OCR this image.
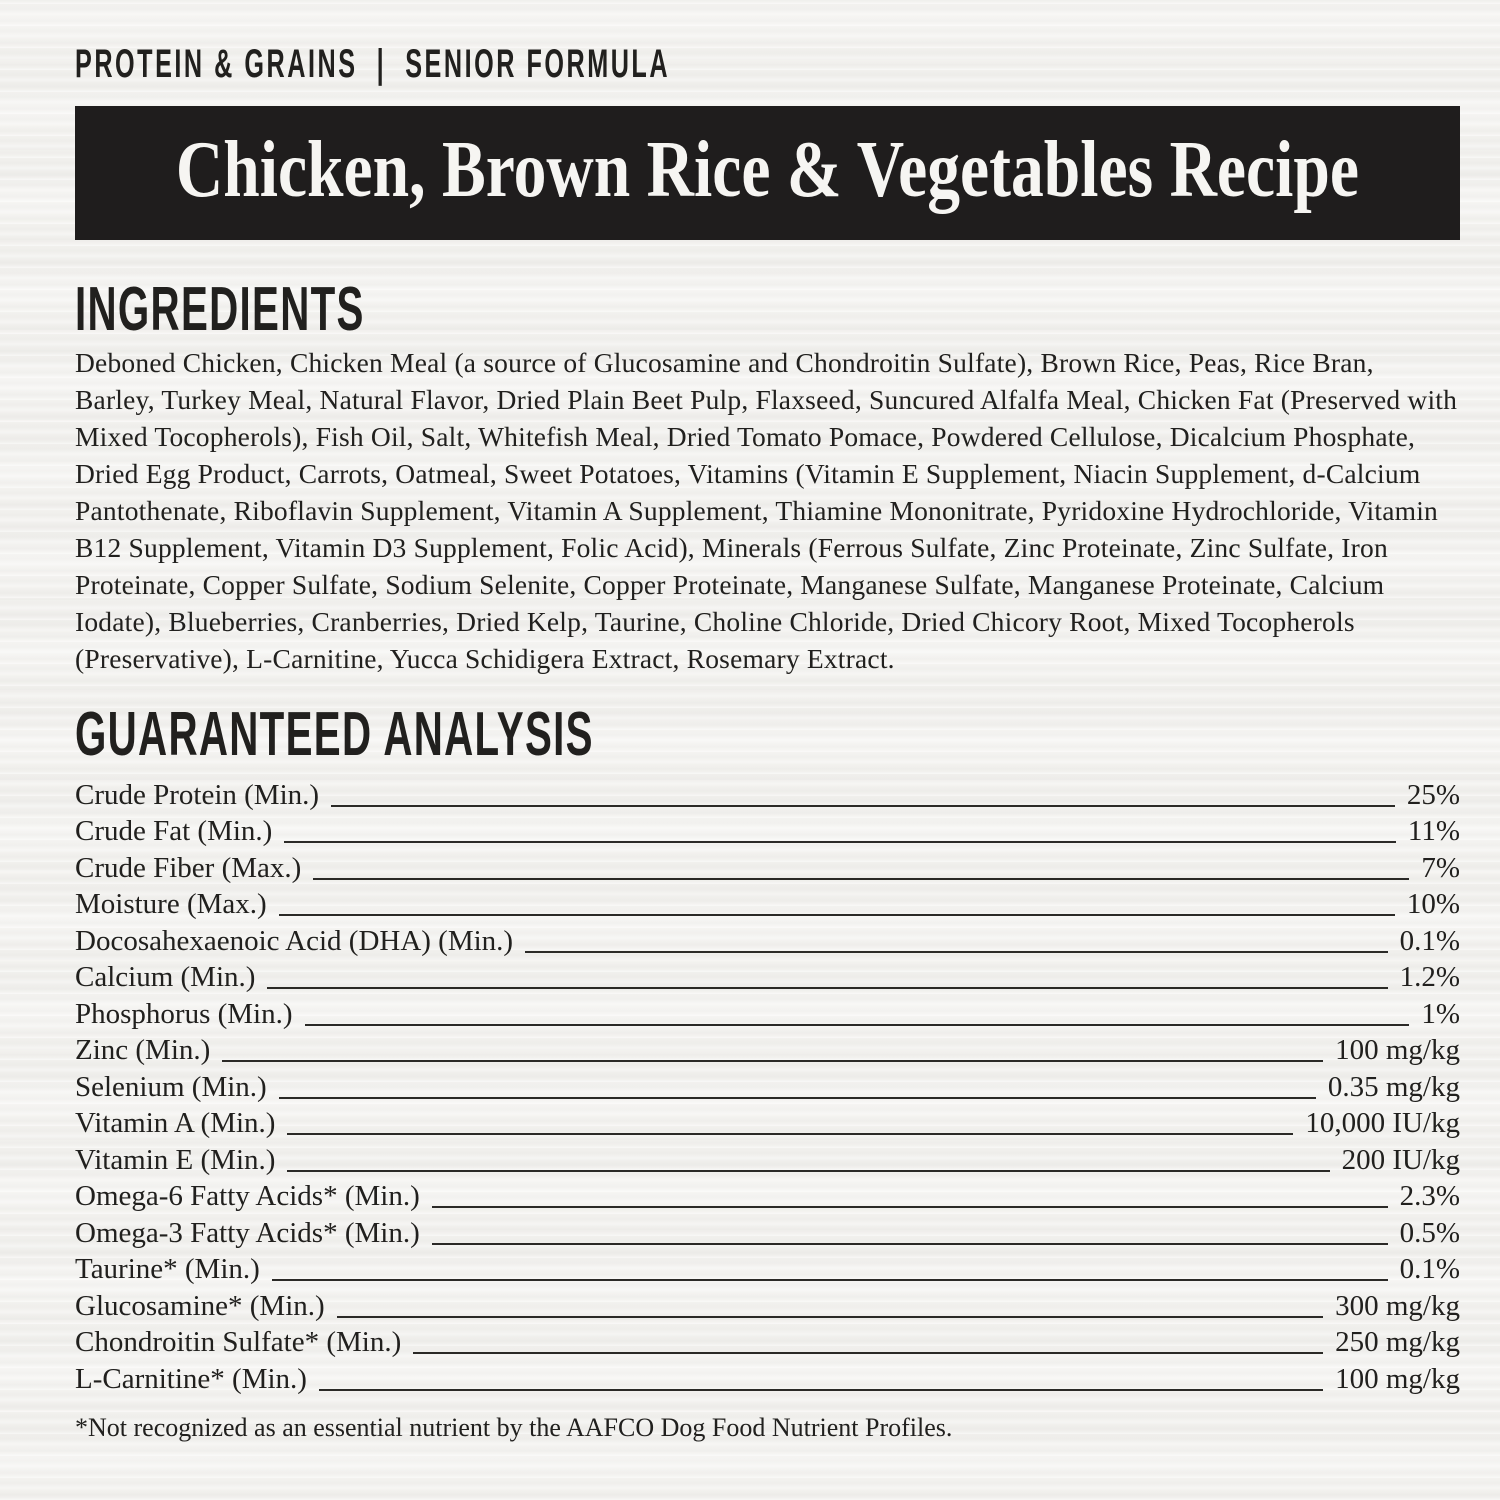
PROTEIN & GRAINS  |  SENIOR FORMULA
Chicken, Brown Rice & Vegetables Recipe
INGREDIENTS

Deboned Chicken, Chicken Meal (a source of Glucosamine and Chondroitin Sulfate), Brown Rice, Peas, Rice Bran, Barley, Turkey Meal, Natural Flavor, Dried Plain Beet Pulp, Flaxseed, Suncured Alfalfa Meal, Chicken Fat (Preserved with Mixed Tocopherols), Fish Oil, Salt, Whitefish Meal, Dried Tomato Pomace, Powdered Cellulose, Dicalcium Phosphate, Dried Egg Product, Carrots, Oatmeal, Sweet Potatoes, Vitamins (Vitamin E Supplement, Niacin Supplement, d-Calcium Pantothenate, Riboflavin Supplement, Vitamin A Supplement, Thiamine Mononitrate, Pyridoxine Hydrochloride, Vitamin B12 Supplement, Vitamin D3 Supplement, Folic Acid), Minerals (Ferrous Sulfate, Zinc Proteinate, Zinc Sulfate, Iron Proteinate, Copper Sulfate, Sodium Selenite, Copper Proteinate, Manganese Sulfate, Manganese Proteinate, Calcium Iodate), Blueberries, Cranberries, Dried Kelp, Taurine, Choline Chloride, Dried Chicory Root, Mixed Tocopherols (Preservative), L-Carnitine, Yucca Schidigera Extract, Rosemary Extract.

GUARANTEED ANALYSIS
Crude Protein (Min.)	25%
Crude Fat (Min.)	11%
Crude Fiber (Max.)	7%
Moisture (Max.)	10%
Docosahexaenoic Acid (DHA) (Min.)	0.1%
Calcium (Min.)	1.2%
Phosphorus (Min.)	1%
Zinc (Min.)	100 mg/kg
Selenium (Min.)	0.35 mg/kg
Vitamin A (Min.)	10,000 IU/kg
Vitamin E (Min.)	200 IU/kg
Omega-6 Fatty Acids* (Min.)	2.3%
Omega-3 Fatty Acids* (Min.)	0.5%
Taurine* (Min.)	0.1%
Glucosamine* (Min.)	300 mg/kg
Chondroitin Sulfate* (Min.)	250 mg/kg
L-Carnitine* (Min.)	100 mg/kg

*Not recognized as an essential nutrient by the AAFCO Dog Food Nutrient Profiles.
